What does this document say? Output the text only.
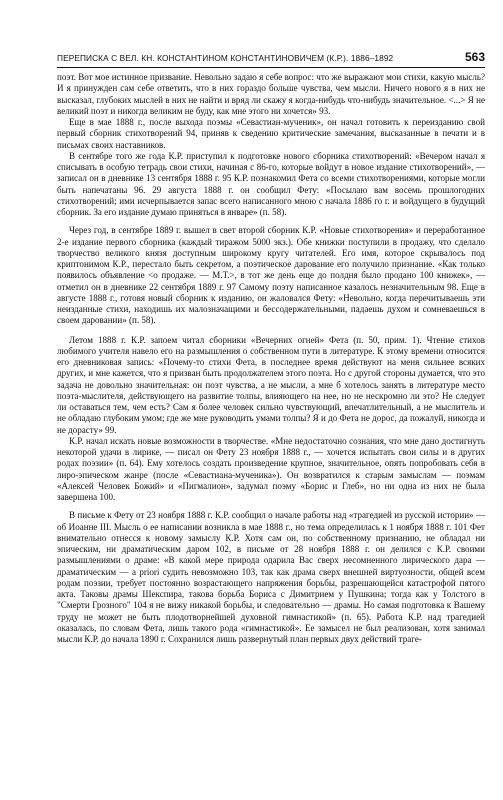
ПЕРЕПИСКА С ВЕЛ. КН. КОНСТАНТИНОМ КОНСТАНТИНОВИЧЕМ (К.Р.). 1886–1892	563

поэт. Вот мое истинное призвание. Невольно задаю я себе вопрос: что же выражают мои стихи, какую мысль? И я принужден сам себе ответить, что в них гораздо больше чувства, чем мысли. Ничего нового я в них не высказал, глубоких мыслей в них не найти и вряд ли скажу я когда-нибудь что-нибудь значительное. <...> Я не великий поэт и никогда великим не буду, как мне этого ни хочется» 93.

Еще в мае 1888 г., после выхода поэмы «Севастиан-мученик», он начал готовить к переизданию свой первый сборник стихотворений 94, приняв к сведению критические замечания, высказанные в печати и в письмах своих наставников.

В сентябре того же года К.Р. приступил к подготовке нового сборника стихотворений: «Вечером начал я списывать в особую тетрадь свои стихи, начиная с 86-го, которые войдут в новое издание стихотворений», — записал он в дневнике 13 сентября 1888 г. 95 К.Р. познакомил Фета со всеми стихотворениями, которые могли быть напечатаны 96. 29 августа 1888 г. он сообщил Фету: «Посылаю вам восемь прошлогодних стихотворений; ими исчерпывается запас всего написанного мною с начала 1886 го г. и войдущего в будущий сборник. За его издание думаю приняться в январе» (п. 58).

Через год, в сентябре 1889 г. вышел в свет второй сборник К.Р. «Новые стихотворения» и переработанное 2-е издание первого сборника (каждый тиражом 5000 экз.). Обе книжки поступили в продажу, что сделало творчество великого князя доступным широкому кругу читателей. Его имя, которое скрывалось под криптонимом К.Р., перестало быть секретом, а поэтическое дарование его получило признание. «Как только появилось объявление <о продаже. — М.Т.>, в тот же день еще до полдня было продано 100 книжек», — отметил он в дневнике 22 сентября 1889 г. 97 Самому поэту написанное казалось незначительным 98. Еще в августе 1888 г., готовя новый сборник к изданию, он жаловался Фету: «Невольно, когда перечитываешь эти неизданные стихи, находишь их малозначащими и бессодержательными, падаешь духом и сомневаешься в своем даровании» (п. 58).

Летом 1888 г. К.Р. запоем читал сборники «Вечерних огней» Фета (п. 50, прим. 1). Чтение стихов любимого учителя навело его на размышления о собственном пути в литературе. К этому времени относится его дневниковая запись: «Почему-то стихи Фета, в последнее время действуют на меня сильнее всяких других, и мне кажется, что я призван быть продолжателем этого поэта. Но с другой стороны думается, что это задача не довольно значительная: он поэт чувства, а не мысли, а мне б хотелось занять в литературе место поэта-мыслителя, действующего на развитие толпы, влияющего на нее, но не нескромно ли это? Не следует ли оставаться тем, чем есть? Сам я более человек сильно чувствующий, впечатлительный, а не мыслитель и не обладаю глубоким умом; где же мне руководить умами толпы? Я и до Фета не дорос, да пожалуй, никогда и не дорасту» 99.

К.Р. начал искать новые возможности в творчестве. «Мне недостаточно сознания, что мне дано достигнуть некоторой удачи в лирике, — писал он Фету 23 ноября 1888 г., — хочется испытать свои силы и в других родах поэзии» (п. 64). Ему хотелось создать произведение крупное, значительное, опять попробовать себя в лиро-эпическом жанре (после «Севастиана-мученика»). Он возвратился к старым замыслам — поэмам «Алексей Человек Божий» и «Пигмалион», задумал поэму «Борис и Глеб», но ни одна из них не была завершена 100.

В письме к Фету от 23 ноября 1888 г. К.Р. сообщил о начале работы над «трагедией из русской истории» — об Иоанне III. Мысль о ее написании возникла в мае 1888 г., но тема определилась к 1 ноября 1888 г. 101 Фет внимательно отнесся к новому замыслу К.Р. Хотя сам он, по собственному признанию, не обладал ни эпическим, ни драматическим даром 102, в письме от 28 ноября 1888 г. он делился с К.Р. своими размышлениями о драме: «В какой мере природа одарила Вас сверх несомненного лирического дара — драматическим — a priori судить невозможно 103, так как драма сверх внешней виртуозности, общей всем родам поэзии, требует постоянно возрастающего напряжения борьбы, разрешающейся катастрофой пятого акта. Таковы драмы Шекспира, такова борьба Бориса с Димитрием у Пушкина; тогда как у Толстого в "Смерти Грозного" 104 я не вижу никакой борьбы, и следовательно — драмы. Но самая подготовка к Вашему труду не может не быть плодотворнейшей духовной гимнастикой» (п. 65). Работа К.Р. над трагедией оказалась, по словам Фета, лишь такого рода «гимнастикой». Ее замысел не был реализован, хотя занимал мысли К.Р. до начала 1890 г. Сохранился лишь развернутый план первых двух действий траге-
